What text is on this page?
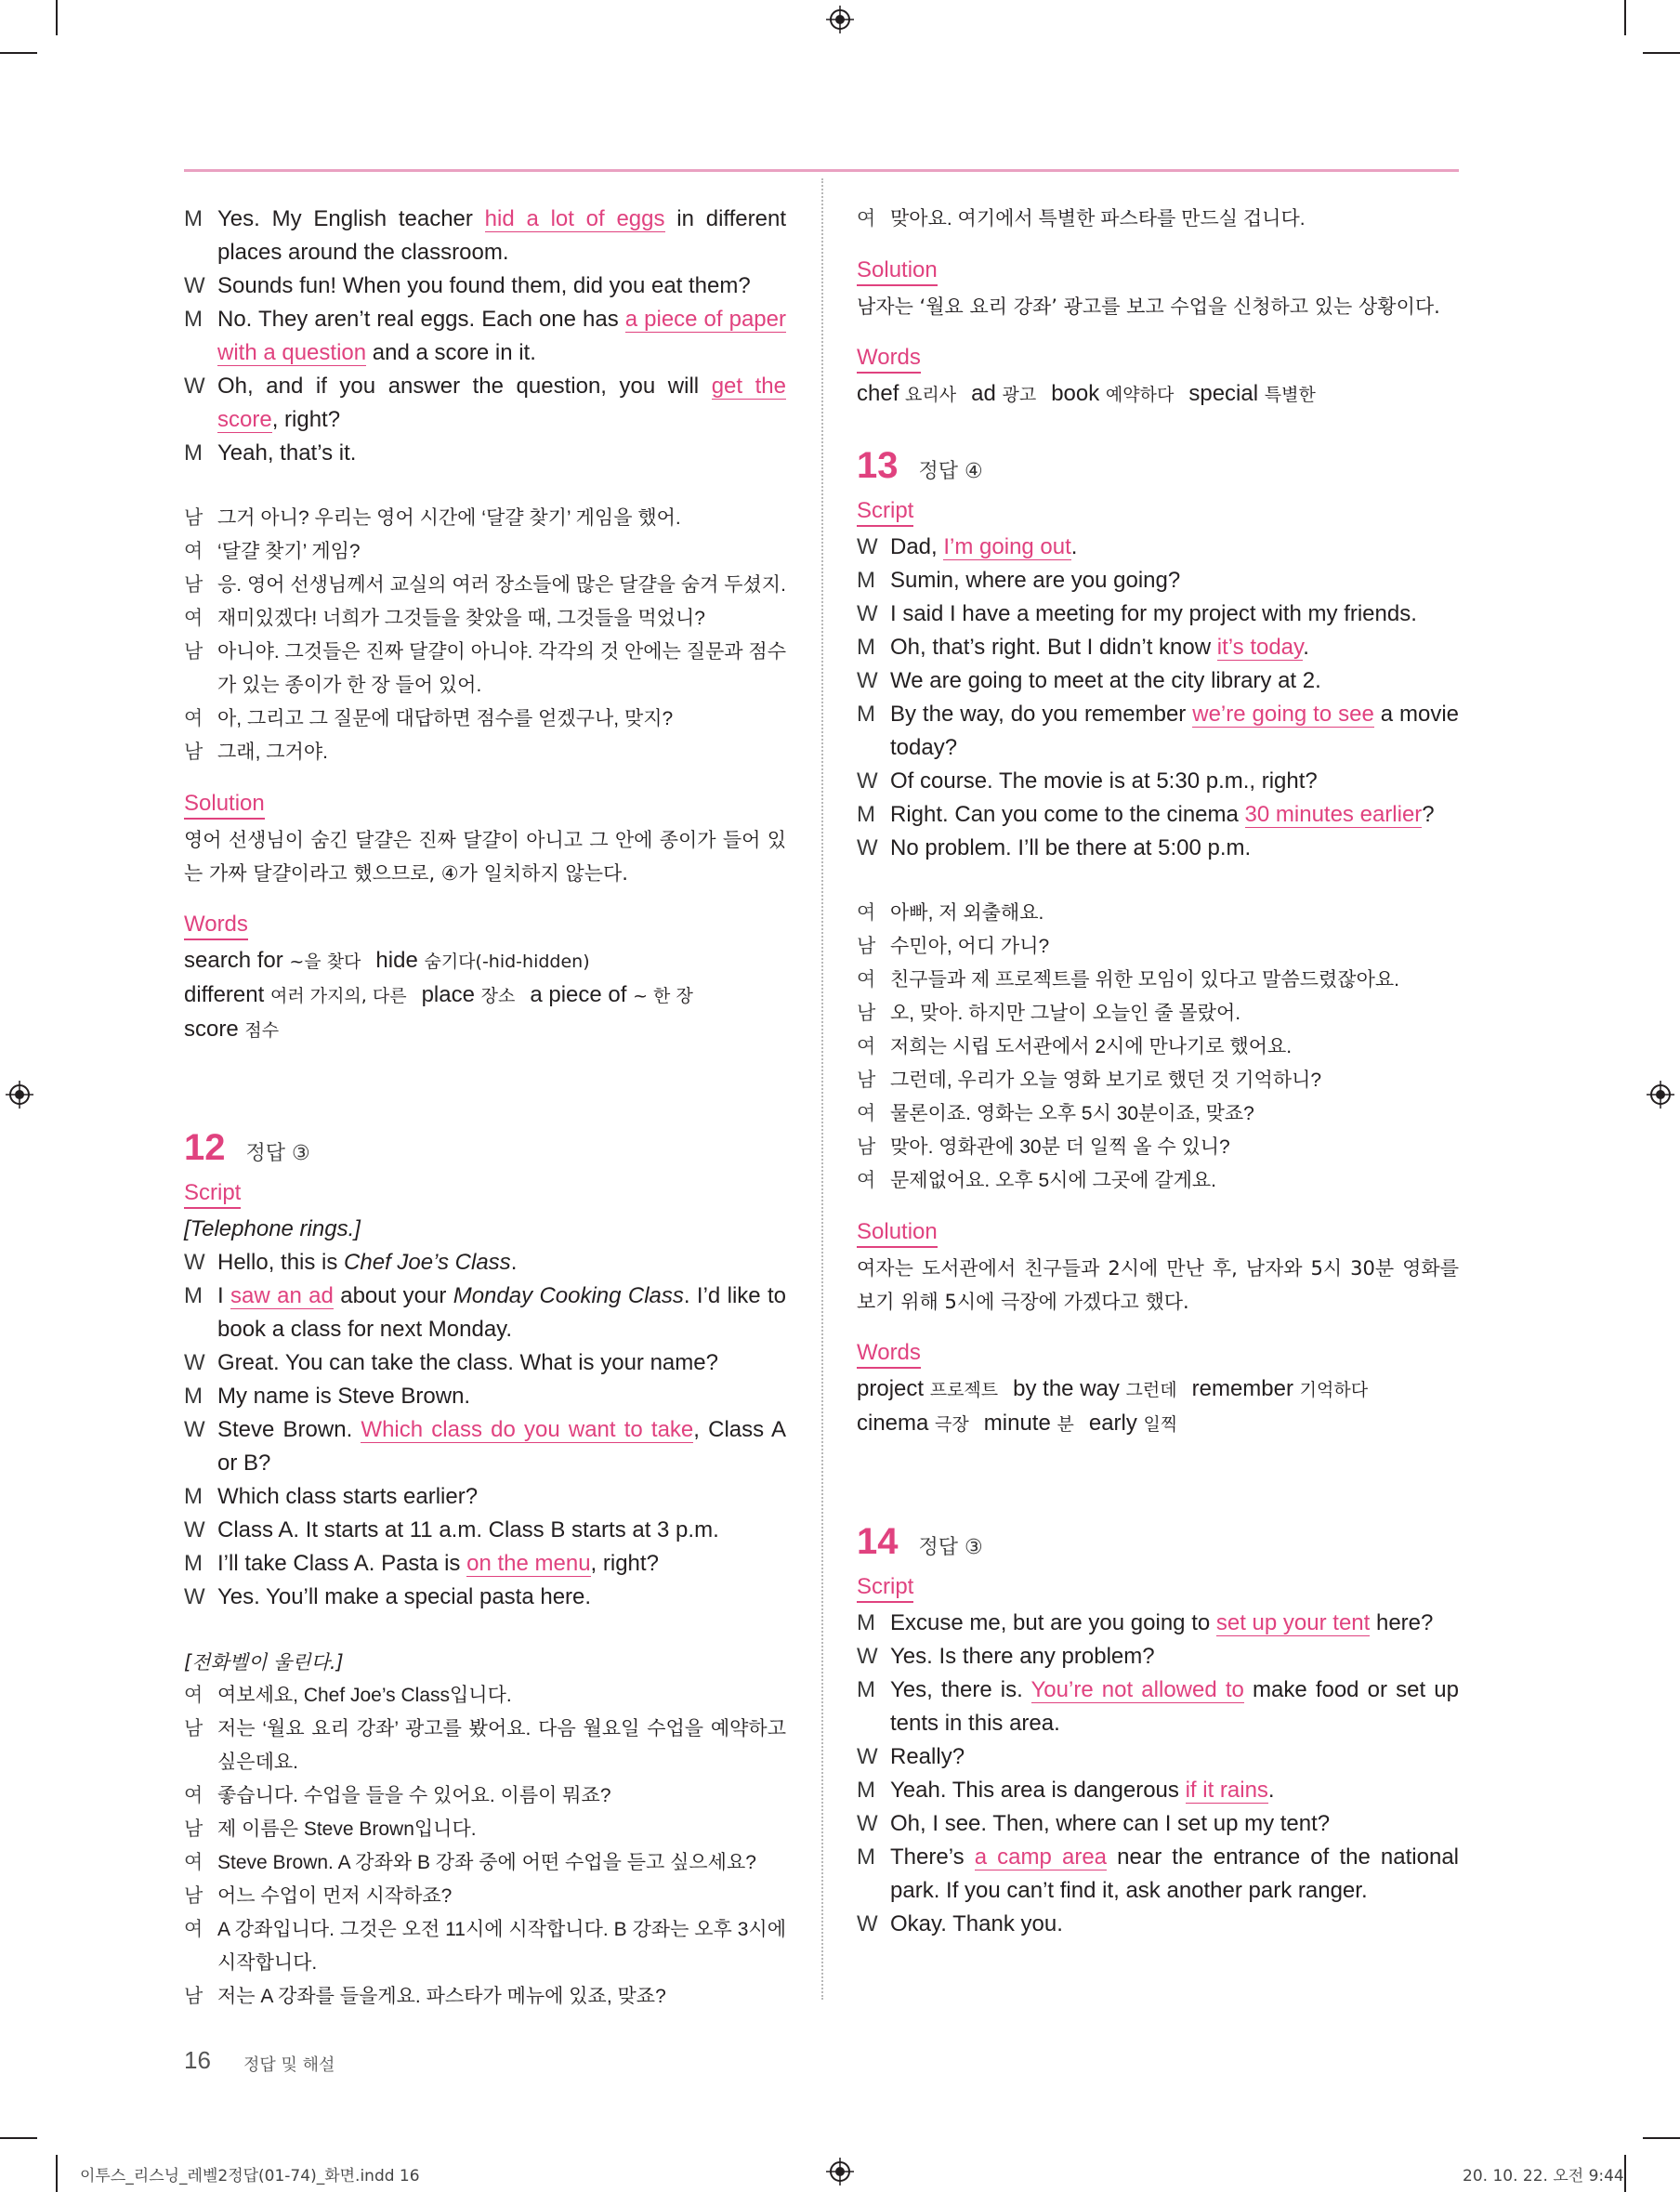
M Yes. My English teacher hid a lot of eggs in different places around the classroom.
W Sounds fun! When you found them, did you eat them?
M No. They aren’t real eggs. Each one has a piece of paper with a question and a score in it.
W Oh, and if you answer the question, you will get the score, right?
M Yeah, that’s it.
남 그거 아니? 우리는 영어 시간에 ‘달걀 찾기’ 게임을 했어.
여 ‘달걀 찾기’ 게임?
남 응. 영어 선생님께서 교실의 여러 장소들에 많은 달걀을 숨겨 두셨지.
여 재미있겠다! 너희가 그것들을 찾았을 때, 그것들을 먹었니?
남 아니야. 그것들은 진짜 달걀이 아니야. 각각의 것 안에는 질문과 점수가 있는 종이가 한 장 들어 있어.
여 아, 그리고 그 질문에 대답하면 점수를 얻겠구나, 맞지?
남 그래, 그거야.
Solution
영어 선생님이 숨긴 달걀은 진짜 달걀이 아니고 그 안에 종이가 들어 있는 가짜 달걀이라고 했으므로, ④가 일치하지 않는다.
Words
search for ~을 찾다 hide 숨기다(-hid-hidden)
different 여러 가지의, 다른 place 장소 a piece of ~ 한 장
score 점수
12 정답 ③
Script
[Telephone rings.]
W Hello, this is Chef Joe’s Class.
M I saw an ad about your Monday Cooking Class. I’d like to book a class for next Monday.
W Great. You can take the class. What is your name?
M My name is Steve Brown.
W Steve Brown. Which class do you want to take, Class A or B?
M Which class starts earlier?
W Class A. It starts at 11 a.m. Class B starts at 3 p.m.
M I’ll take Class A. Pasta is on the menu, right?
W Yes. You’ll make a special pasta here.
[전화벨이 울린다.]
여 여보세요, Chef Joe’s Class입니다.
남 저는 ‘월요 요리 강좌’ 광고를 봤어요. 다음 월요일 수업을 예약하고 싶은데요.
여 좋습니다. 수업을 들을 수 있어요. 이름이 뭐죠?
남 제 이름은 Steve Brown입니다.
여 Steve Brown. A 강좌와 B 강좌 중에 어떤 수업을 듣고 싶으세요?
남 어느 수업이 먼저 시작하죠?
여 A 강좌입니다. 그것은 오전 11시에 시작합니다. B 강좌는 오후 3시에 시작합니다.
남 저는 A 강좌를 들을게요. 파스타가 메뉴에 있죠, 맞죠?
여 맞아요. 여기에서 특별한 파스타를 만드실 겁니다.
Solution
남자는 ‘월요 요리 강좌’ 광고를 보고 수업을 신청하고 있는 상황이다.
Words
chef 요리사 ad 광고 book 예약하다 special 특별한
13 정답 ④
Script
W Dad, I’m going out.
M Sumin, where are you going?
W I said I have a meeting for my project with my friends.
M Oh, that’s right. But I didn’t know it’s today.
W We are going to meet at the city library at 2.
M By the way, do you remember we’re going to see a movie today?
W Of course. The movie is at 5:30 p.m., right?
M Right. Can you come to the cinema 30 minutes earlier?
W No problem. I’ll be there at 5:00 p.m.
여 아빠, 저 외출해요.
남 수민아, 어디 가니?
여 친구들과 제 프로젝트를 위한 모임이 있다고 말씀드렸잖아요.
남 오, 맞아. 하지만 그날이 오늘인 줄 몰랐어.
여 저희는 시립 도서관에서 2시에 만나기로 했어요.
남 그런데, 우리가 오늘 영화 보기로 했던 것 기억하니?
여 물론이죠. 영화는 오후 5시 30분이죠, 맞죠?
남 맞아. 영화관에 30분 더 일찍 올 수 있니?
여 문제없어요. 오후 5시에 그곳에 갈게요.
Solution
여자는 도서관에서 친구들과 2시에 만난 후, 남자와 5시 30분 영화를 보기 위해 5시에 극장에 가겠다고 했다.
Words
project 프로젝트 by the way 그런데 remember 기억하다
cinema 극장 minute 분 early 일찍
14 정답 ③
Script
M Excuse me, but are you going to set up your tent here?
W Yes. Is there any problem?
M Yes, there is. You’re not allowed to make food or set up tents in this area.
W Really?
M Yeah. This area is dangerous if it rains.
W Oh, I see. Then, where can I set up my tent?
M There’s a camp area near the entrance of the national park. If you can’t find it, ask another park ranger.
W Okay. Thank you.
16 정답 및 해설
이투스_리스닝_레벨2정답(01-74)_화면.indd 16	20. 10. 22. 오전 9:44
